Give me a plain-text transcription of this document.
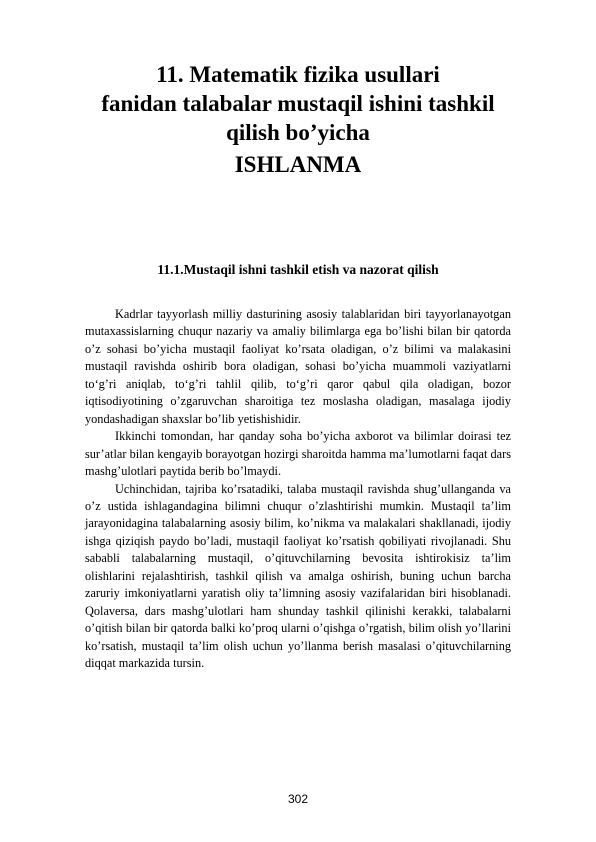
11. Matematik fizika usullari
fanidan talabalar mustaqil ishini tashkil
qilish bo’yicha
ISHLANMA
11.1.Mustaqil ishni tashkil etish va nazorat qilish

Kadrlar tayyorlash milliy dasturining asosiy talablaridan biri tayyorlanayotgan mutaxassislarning chuqur nazariy va amaliy bilimlarga ega bo’lishi bilan bir qatorda o’z sohasi bo’yicha mustaqil faoliyat ko’rsata oladigan, o’z bilimi va malakasini mustaqil ravishda oshirib bora oladigan, sohasi bo’yicha muammoli vaziyatlarni to‘g’ri aniqlab, to‘g’ri tahlil qilib, to‘g’ri qaror qabul qila oladigan, bozor iqtisodiyotining o’zgaruvchan sharoitiga tez moslasha oladigan, masalaga ijodiy yondashadigan shaxslar bo’lib yetishishidir.

Ikkinchi tomondan, har qanday soha bo’yicha axborot va bilimlar doirasi tez sur’atlar bilan kengayib borayotgan hozirgi sharoitda hamma ma’lumotlarni faqat dars mashg’ulotlari paytida berib bo’lmaydi.

Uchinchidan, tajriba ko’rsatadiki, talaba mustaqil ravishda shug’ullanganda va o’z ustida ishlagandagina bilimni chuqur o’zlashtirishi mumkin. Mustaqil ta’lim jarayonidagina talabalarning asosiy bilim, ko’nikma va malakalari shakllanadi, ijodiy ishga qiziqish paydo bo’ladi, mustaqil faoliyat ko’rsatish qobiliyati rivojlanadi. Shu sababli talabalarning mustaqil, o’qituvchilarning bevosita ishtirokisiz ta’lim olishlarini rejalashtirish, tashkil qilish va amalga oshirish, buning uchun barcha zaruriy imkoniyatlarni yaratish oliy ta’limning asosiy vazifalaridan biri hisoblanadi. Qolaversa, dars mashg’ulotlari ham shunday tashkil qilinishi kerakki, talabalarni o’qitish bilan bir qatorda balki ko’proq ularni o’qishga o’rgatish, bilim olish yo’llarini ko’rsatish, mustaqil ta’lim olish uchun yo’llanma berish masalasi o’qituvchilarning diqqat markazida tursin.

302
